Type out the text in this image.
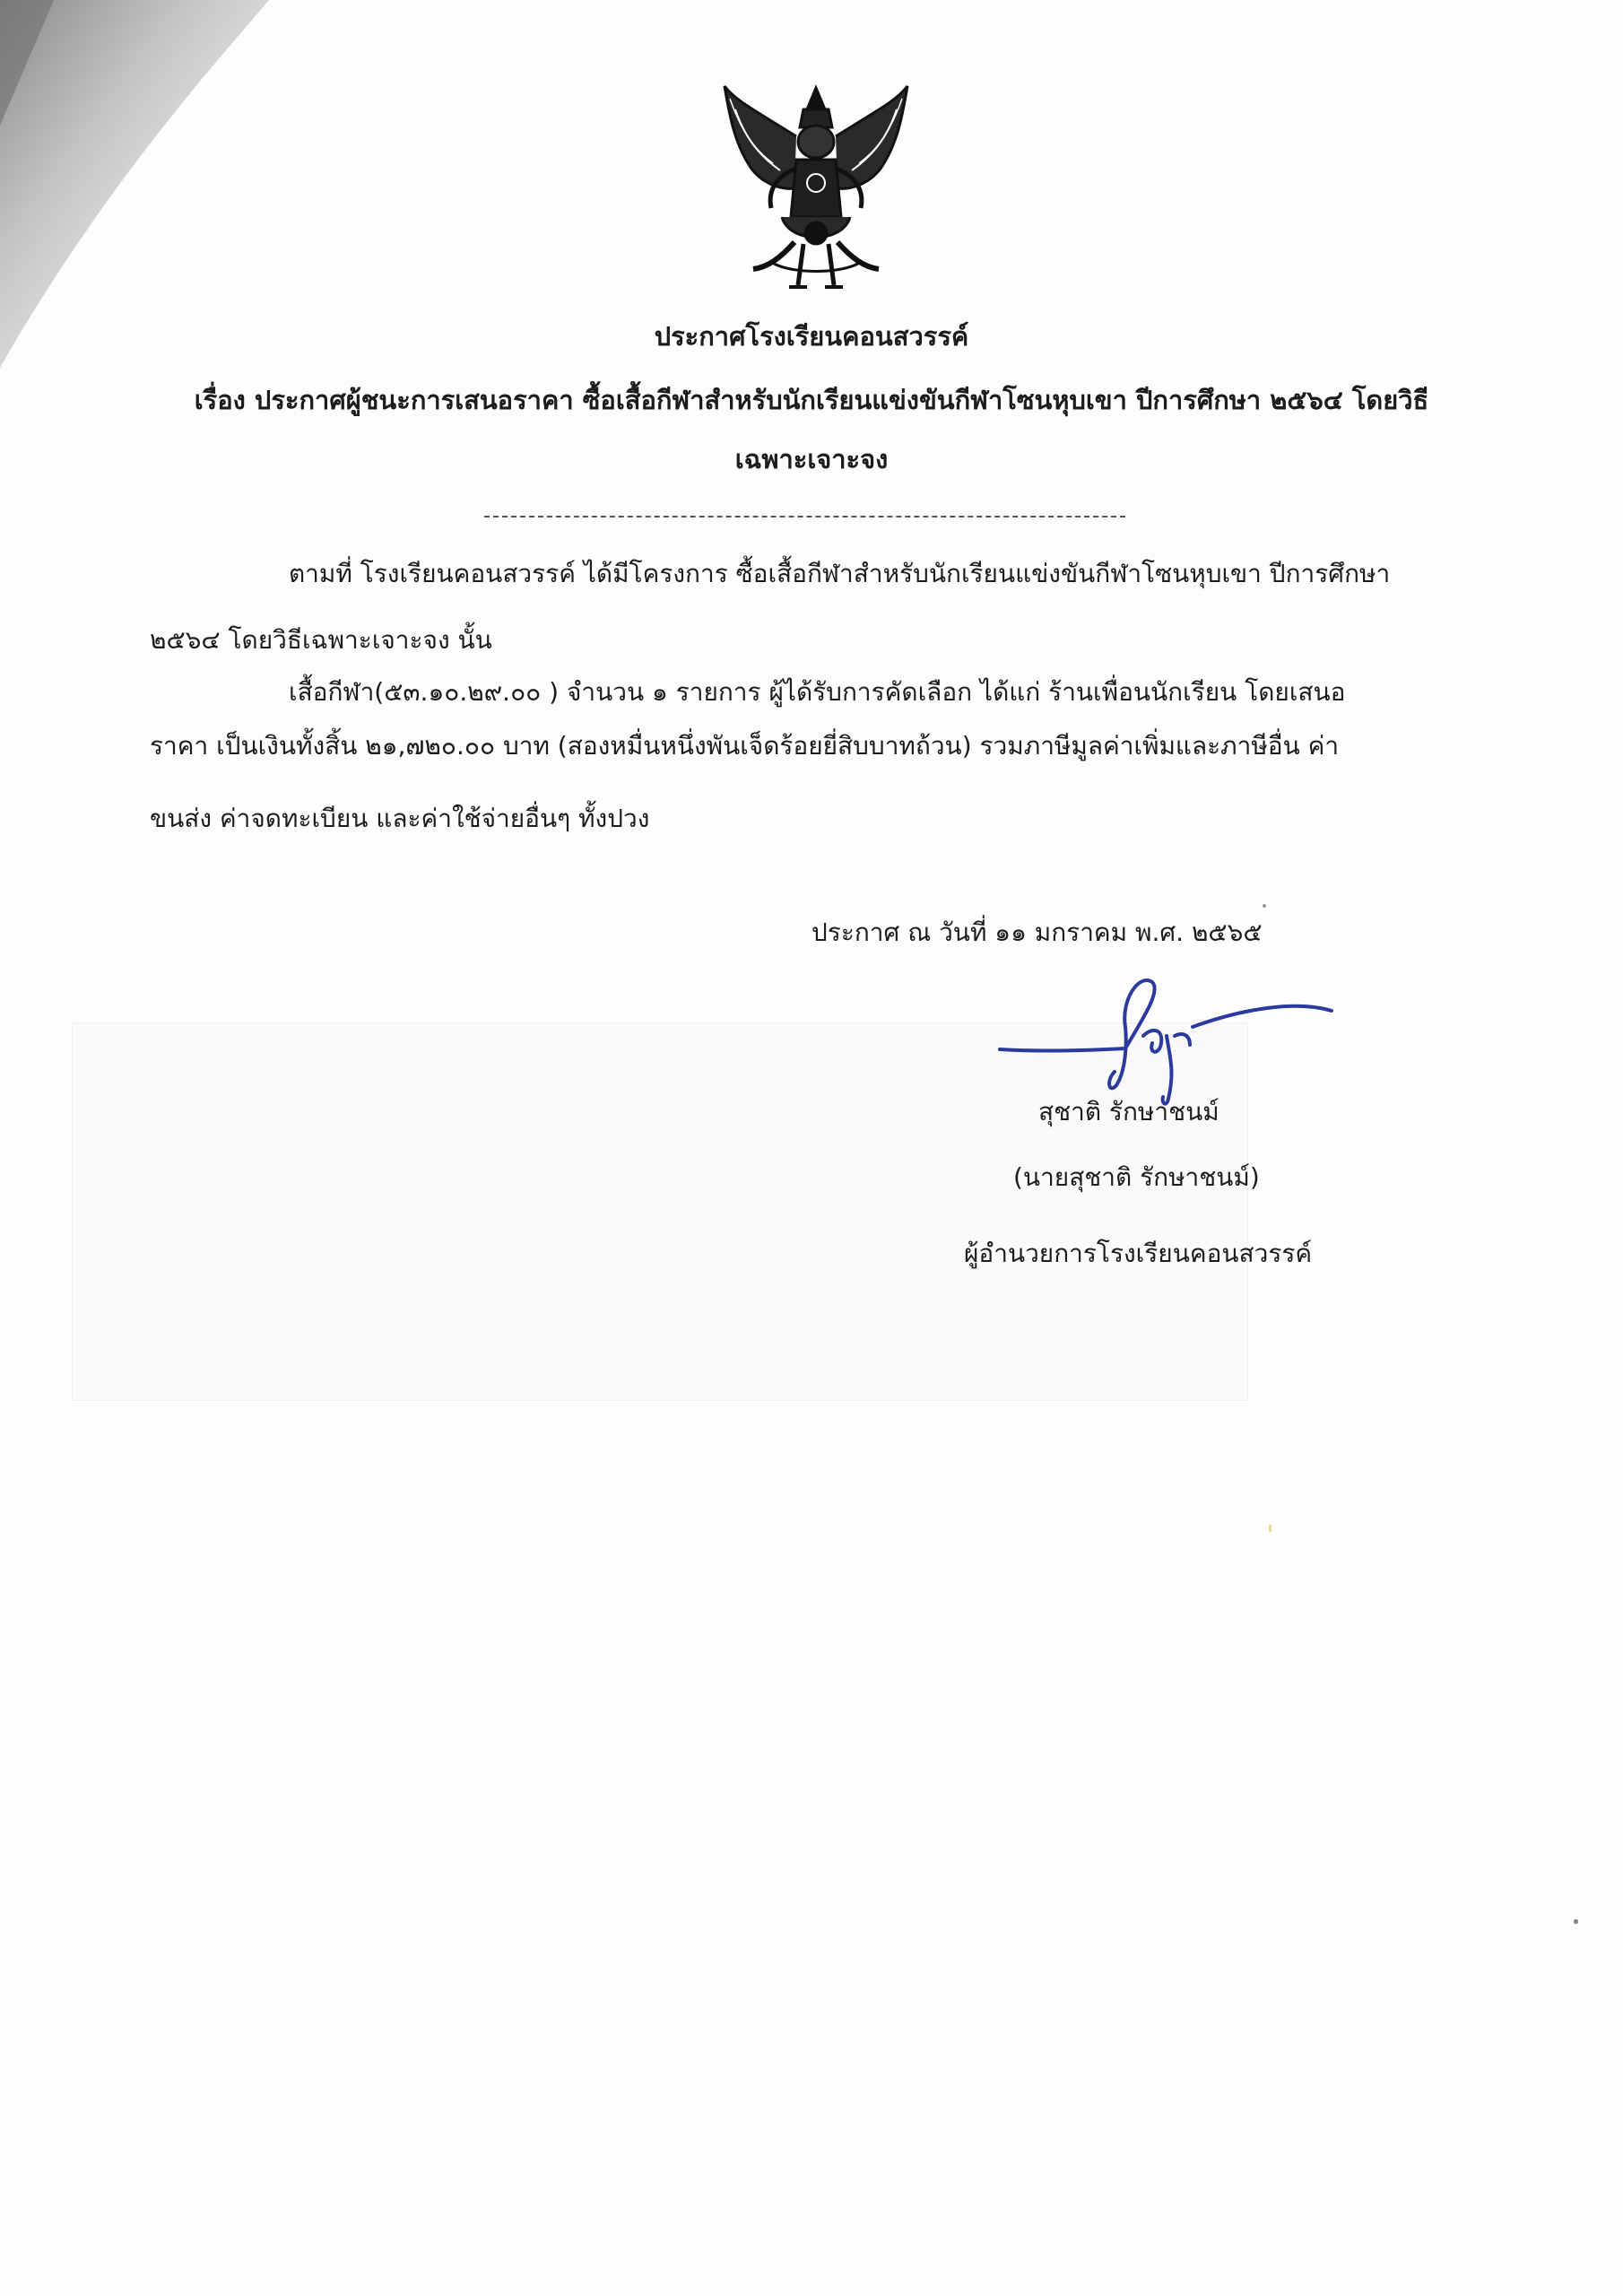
ประกาศโรงเรียนคอนสวรรค์
เรื่อง ประกาศผู้ชนะการเสนอราคา ซื้อเสื้อกีฬาสำหรับนักเรียนแข่งขันกีฬาโซนหุบเขา ปีการศึกษา ๒๕๖๔ โดยวิธี
เฉพาะเจาะจง
ตามที่ โรงเรียนคอนสวรรค์ ได้มีโครงการ ซื้อเสื้อกีฬาสำหรับนักเรียนแข่งขันกีฬาโซนหุบเขา ปีการศึกษา
๒๕๖๔ โดยวิธีเฉพาะเจาะจง นั้น
เสื้อกีฬา(๕๓.๑๐.๒๙.๐๐ ) จำนวน ๑ รายการ ผู้ได้รับการคัดเลือก ได้แก่ ร้านเพื่อนนักเรียน โดยเสนอ
ราคา เป็นเงินทั้งสิ้น ๒๑,๗๒๐.๐๐ บาท (สองหมื่นหนึ่งพันเจ็ดร้อยยี่สิบบาทถ้วน) รวมภาษีมูลค่าเพิ่มและภาษีอื่น ค่า
ขนส่ง ค่าจดทะเบียน และค่าใช้จ่ายอื่นๆ ทั้งปวง
ประกาศ ณ วันที่ ๑๑ มกราคม พ.ศ. ๒๕๖๕
สุชาติ รักษาชนม์
(นายสุชาติ รักษาชนม์)
ผู้อำนวยการโรงเรียนคอนสวรรค์
